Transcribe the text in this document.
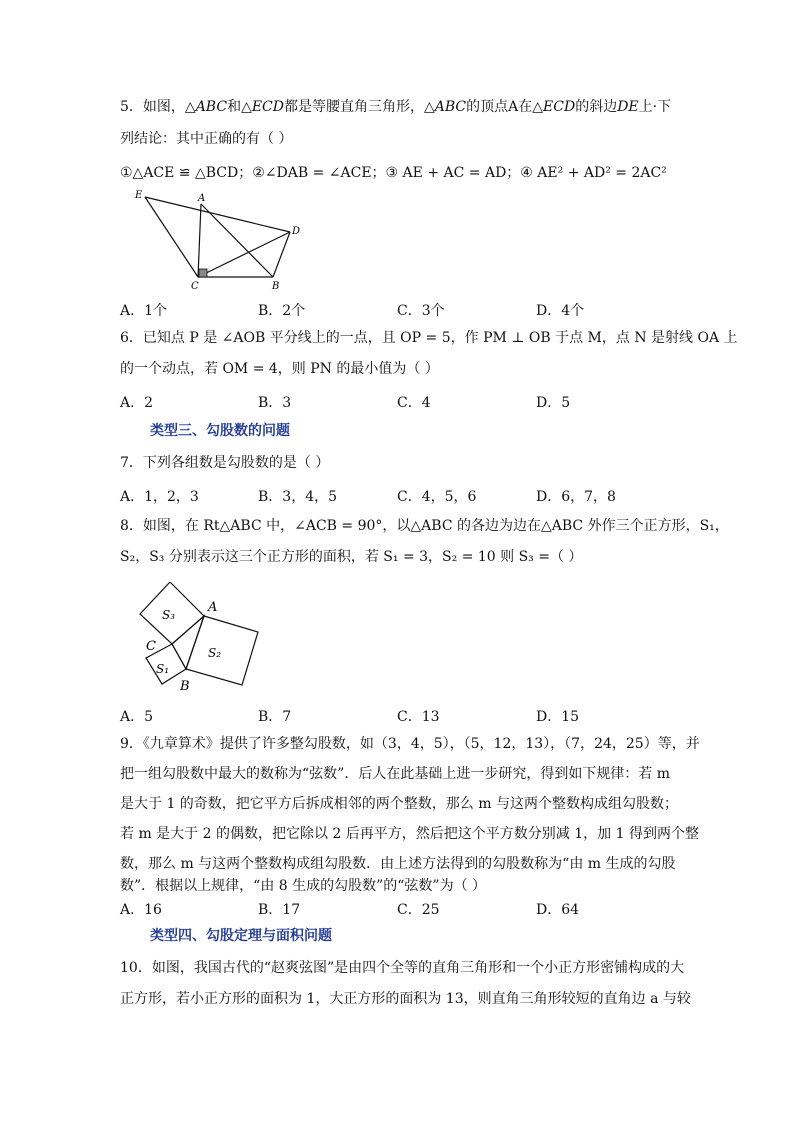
5．如图，△ABC和△ECD都是等腰直角三角形，△ABC的顶点A在△ECD的斜边DE上·下
列结论：其中正确的有（ ）
①△ACE ≌ △BCD；②∠DAB = ∠ACE；③ AE + AC = AD；④ AE² + AD² = 2AC²
E	A
D
C	B
A．1个	B．2个	C．3个	D．4个
6．已知点 P 是 ∠AOB 平分线上的一点，且 OP = 5，作 PM ⊥ OB 于点 M，点 N 是射线 OA 上
的一个动点，若 OM = 4，则 PN 的最小值为（ ）
A．2	B．3	C．4	D．5
类型三、勾股数的问题
7．下列各组数是勾股数的是（ ）
A．1，2，3	B．3，4，5	C．4，5，6	D．6，7，8
8．如图，在 Rt△ABC 中，∠ACB = 90°，以△ABC 的各边为边在△ABC 外作三个正方形，S₁，
S₂，S₃ 分别表示这三个正方形的面积，若 S₁ = 3，S₂ = 10 则 S₃ =（ ）
S₃	A
C	S₂
S₁
B
A．5	B．7	C．13	D．15
9．《九章算术》提供了许多整勾股数，如（3，4，5），（5，12，13），（7，24，25）等，并
把一组勾股数中最大的数称为“弦数”．后人在此基础上进一步研究，得到如下规律：若 m
是大于 1 的奇数，把它平方后拆成相邻的两个整数，那么 m 与这两个整数构成组勾股数；
若 m 是大于 2 的偶数，把它除以 2 后再平方，然后把这个平方数分别减 1，加 1 得到两个整
数，那么 m 与这两个整数构成组勾股数．由上述方法得到的勾股数称为“由 m 生成的勾股
数”．根据以上规律，“由 8 生成的勾股数”的“弦数”为（ ）
A．16	B．17	C．25	D．64
类型四、勾股定理与面积问题
10．如图，我国古代的“赵爽弦图”是由四个全等的直角三角形和一个小正方形密铺构成的大
正方形，若小正方形的面积为 1，大正方形的面积为 13，则直角三角形较短的直角边 a 与较
